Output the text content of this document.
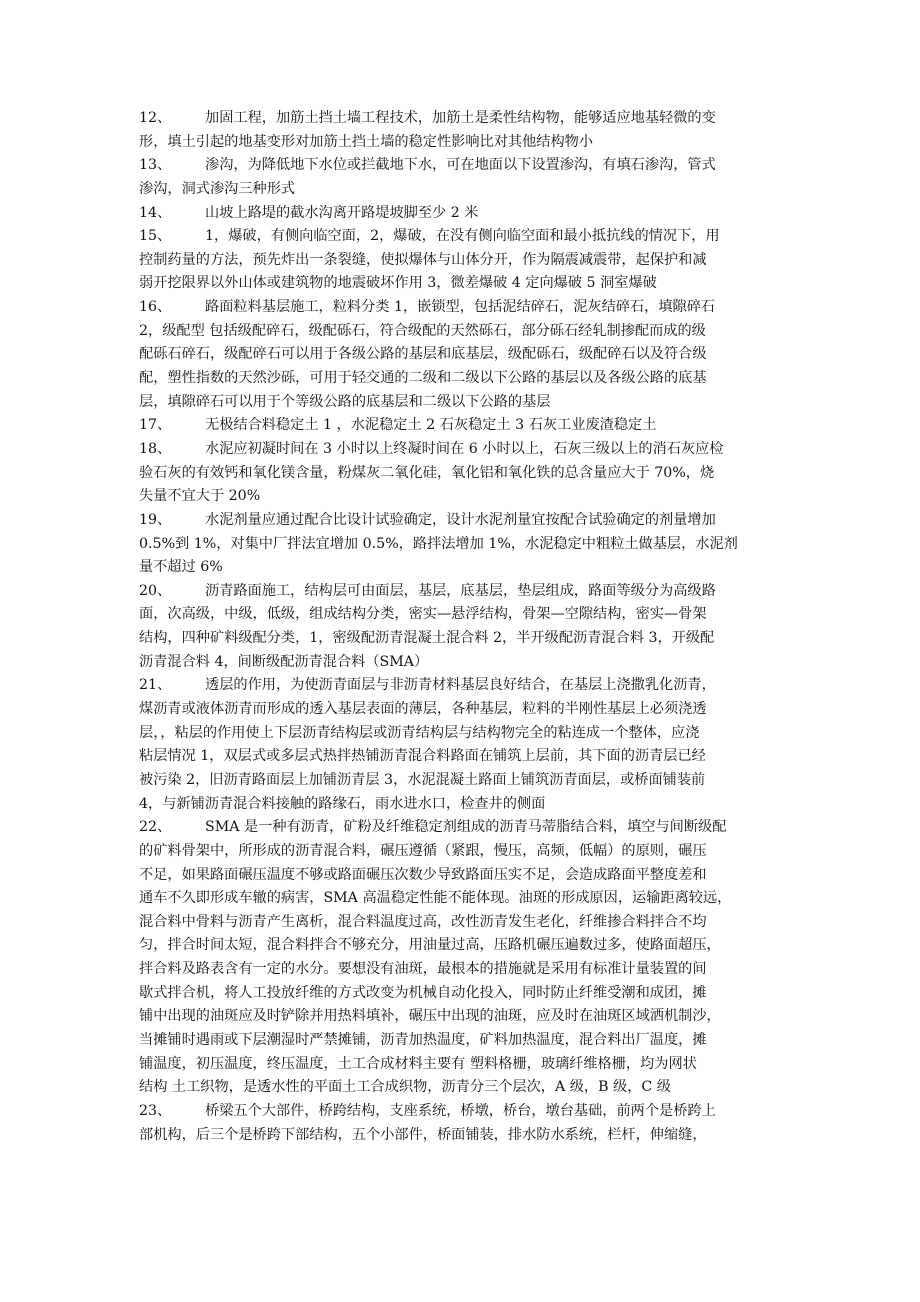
12、	加固工程，加筋土挡土墙工程技术，加筋土是柔性结构物，能够适应地基轻微的变
形，填土引起的地基变形对加筋土挡土墙的稳定性影响比对其他结构物小
13、	渗沟，为降低地下水位或拦截地下水，可在地面以下设置渗沟，有填石渗沟，管式
渗沟，洞式渗沟三种形式
14、	山坡上路堤的截水沟离开路堤坡脚至少 2 米
15、	1，爆破，有侧向临空面，2，爆破，在没有侧向临空面和最小抵抗线的情况下，用
控制药量的方法，预先炸出一条裂缝，使拟爆体与山体分开，作为隔震减震带，起保护和减
弱开挖限界以外山体或建筑物的地震破坏作用 3，微差爆破 4 定向爆破 5 洞室爆破
16、	路面粒料基层施工，粒料分类 1，嵌锁型，包括泥结碎石，泥灰结碎石，填隙碎石
2，级配型 包括级配碎石，级配砾石，符合级配的天然砾石，部分砾石经轧制掺配而成的级
配砾石碎石，级配碎石可以用于各级公路的基层和底基层，级配砾石，级配碎石以及符合级
配，塑性指数的天然沙砾，可用于轻交通的二级和二级以下公路的基层以及各级公路的底基
层，填隙碎石可以用于个等级公路的底基层和二级以下公路的基层
17、	无极结合料稳定土 1 ，水泥稳定土 2 石灰稳定土 3 石灰工业废渣稳定土
18、	水泥应初凝时间在 3 小时以上终凝时间在 6 小时以上，石灰三级以上的消石灰应检
验石灰的有效钙和氧化镁含量，粉煤灰二氧化硅，氧化铝和氧化铁的总含量应大于 70%，烧
失量不宜大于 20%
19、	水泥剂量应通过配合比设计试验确定，设计水泥剂量宜按配合试验确定的剂量增加
0.5%到 1%，对集中厂拌法宜增加 0.5%，路拌法增加 1%，水泥稳定中粗粒土做基层，水泥剂
量不超过 6%
20、	沥青路面施工，结构层可由面层，基层，底基层，垫层组成，路面等级分为高级路
面，次高级，中级，低级，组成结构分类，密实—悬浮结构，骨架—空隙结构，密实—骨架
结构，四种矿料级配分类，1，密级配沥青混凝土混合料 2，半开级配沥青混合料 3，开级配
沥青混合料 4，间断级配沥青混合料（SMA）
21、	透层的作用，为使沥青面层与非沥青材料基层良好结合，在基层上浇撒乳化沥青，
煤沥青或液体沥青而形成的透入基层表面的薄层，各种基层，粒料的半刚性基层上必须浇透
层，，粘层的作用使上下层沥青结构层或沥青结构层与结构物完全的粘连成一个整体，应浇
粘层情况 1，双层式或多层式热拌热铺沥青混合料路面在铺筑上层前，其下面的沥青层已经
被污染 2，旧沥青路面层上加铺沥青层 3，水泥混凝土路面上铺筑沥青面层，或桥面铺装前
4，与新铺沥青混合料接触的路缘石，雨水进水口，检查井的侧面
22、	SMA 是一种有沥青，矿粉及纤维稳定剂组成的沥青马蒂脂结合料，填空与间断级配
的矿料骨架中，所形成的沥青混合料，碾压遵循（紧跟，慢压，高频，低幅）的原则，碾压
不足，如果路面碾压温度不够或路面碾压次数少导致路面压实不足，会造成路面平整度差和
通车不久即形成车辙的病害，SMA 高温稳定性能不能体现。油斑的形成原因，运输距离较远，
混合料中骨料与沥青产生离析，混合料温度过高，改性沥青发生老化，纤维掺合料拌合不均
匀，拌合时间太短，混合料拌合不够充分，用油量过高，压路机碾压遍数过多，使路面超压，
拌合料及路表含有一定的水分。要想没有油斑，最根本的措施就是采用有标准计量装置的间
歇式拌合机，将人工投放纤维的方式改变为机械自动化投入，同时防止纤维受潮和成团，摊
铺中出现的油斑应及时铲除并用热料填补，碾压中出现的油斑，应及时在油斑区域洒机制沙，
当摊铺时遇雨或下层潮湿时严禁摊铺，沥青加热温度，矿料加热温度，混合料出厂温度，摊
铺温度，初压温度，终压温度，土工合成材料主要有 塑料格栅，玻璃纤维格栅，均为网状
结构 土工织物，是透水性的平面土工合成织物，沥青分三个层次，A 级，B 级，C 级
23、	桥梁五个大部件，桥跨结构，支座系统，桥墩，桥台，墩台基础，前两个是桥跨上
部机构，后三个是桥跨下部结构，五个小部件，桥面铺装，排水防水系统，栏杆，伸缩缝，
